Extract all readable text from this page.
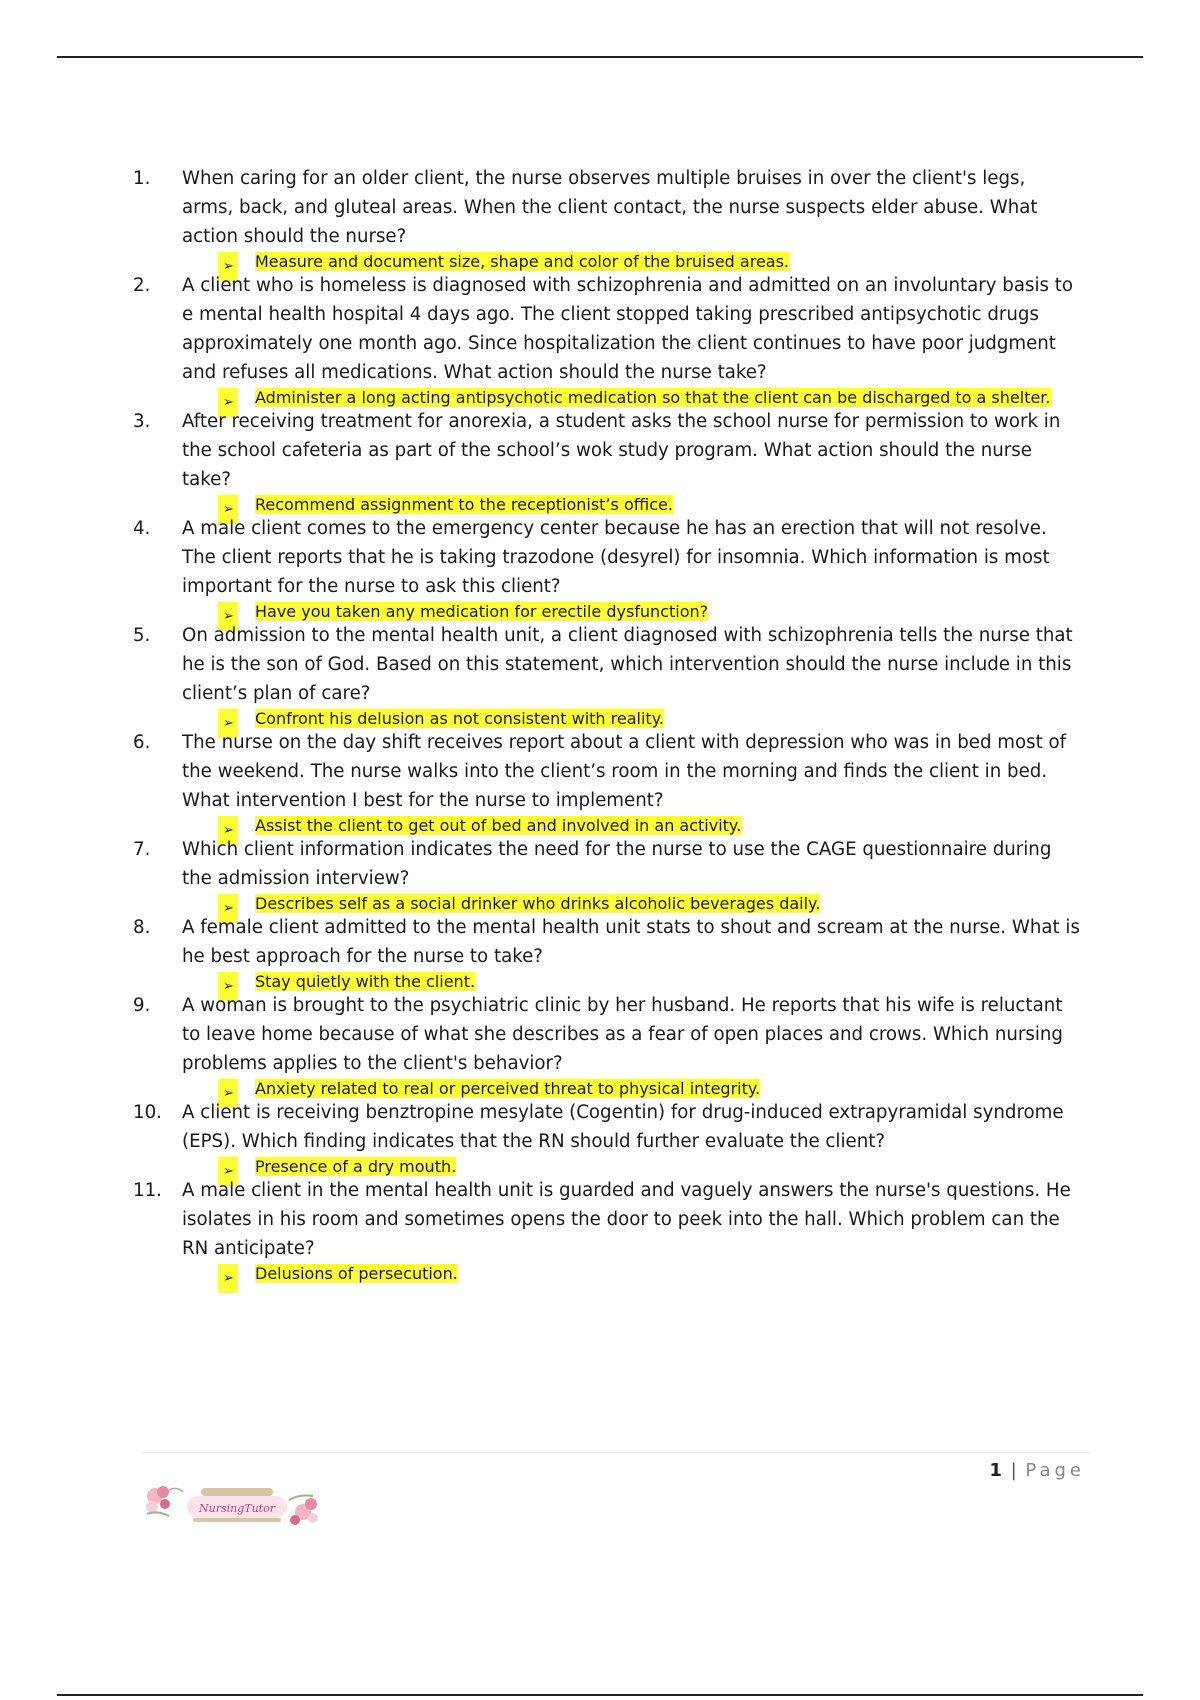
1.	When caring for an older client, the nurse observes multiple bruises in over the client's legs, arms, back, and gluteal areas. When the client contact, the nurse suspects elder abuse. What action should the nurse?
➢ Measure and document size, shape and color of the bruised areas.
2.	A client who is homeless is diagnosed with schizophrenia and admitted on an involuntary basis to e mental health hospital 4 days ago. The client stopped taking prescribed antipsychotic drugs approximately one month ago. Since hospitalization the client continues to have poor judgment and refuses all medications. What action should the nurse take?
➢ Administer a long acting antipsychotic medication so that the client can be discharged to a shelter.
3.	After receiving treatment for anorexia, a student asks the school nurse for permission to work in the school cafeteria as part of the school’s wok study program. What action should the nurse take?
➢ Recommend assignment to the receptionist’s office.
4.	A male client comes to the emergency center because he has an erection that will not resolve. The client reports that he is taking trazodone (desyrel) for insomnia. Which information is most important for the nurse to ask this client?
➢ Have you taken any medication for erectile dysfunction?
5.	On admission to the mental health unit, a client diagnosed with schizophrenia tells the nurse that he is the son of God. Based on this statement, which intervention should the nurse include in this client’s plan of care?
➢ Confront his delusion as not consistent with reality.
6.	The nurse on the day shift receives report about a client with depression who was in bed most of the weekend. The nurse walks into the client’s room in the morning and finds the client in bed. What intervention I best for the nurse to implement?
➢ Assist the client to get out of bed and involved in an activity.
7.	Which client information indicates the need for the nurse to use the CAGE questionnaire during the admission interview?
➢ Describes self as a social drinker who drinks alcoholic beverages daily.
8.	A female client admitted to the mental health unit stats to shout and scream at the nurse. What is he best approach for the nurse to take?
➢ Stay quietly with the client.
9.	A woman is brought to the psychiatric clinic by her husband. He reports that his wife is reluctant to leave home because of what she describes as a fear of open places and crows. Which nursing problems applies to the client's behavior?
➢ Anxiety related to real or perceived threat to physical integrity.
10.	A client is receiving benztropine mesylate (Cogentin) for drug-induced extrapyramidal syndrome (EPS). Which finding indicates that the RN should further evaluate the client?
➢ Presence of a dry mouth.
11.	A male client in the mental health unit is guarded and vaguely answers the nurse's questions. He isolates in his room and sometimes opens the door to peek into the hall. Which problem can the RN anticipate?
➢ Delusions of persecution.
1 | Page
NursingTutor
